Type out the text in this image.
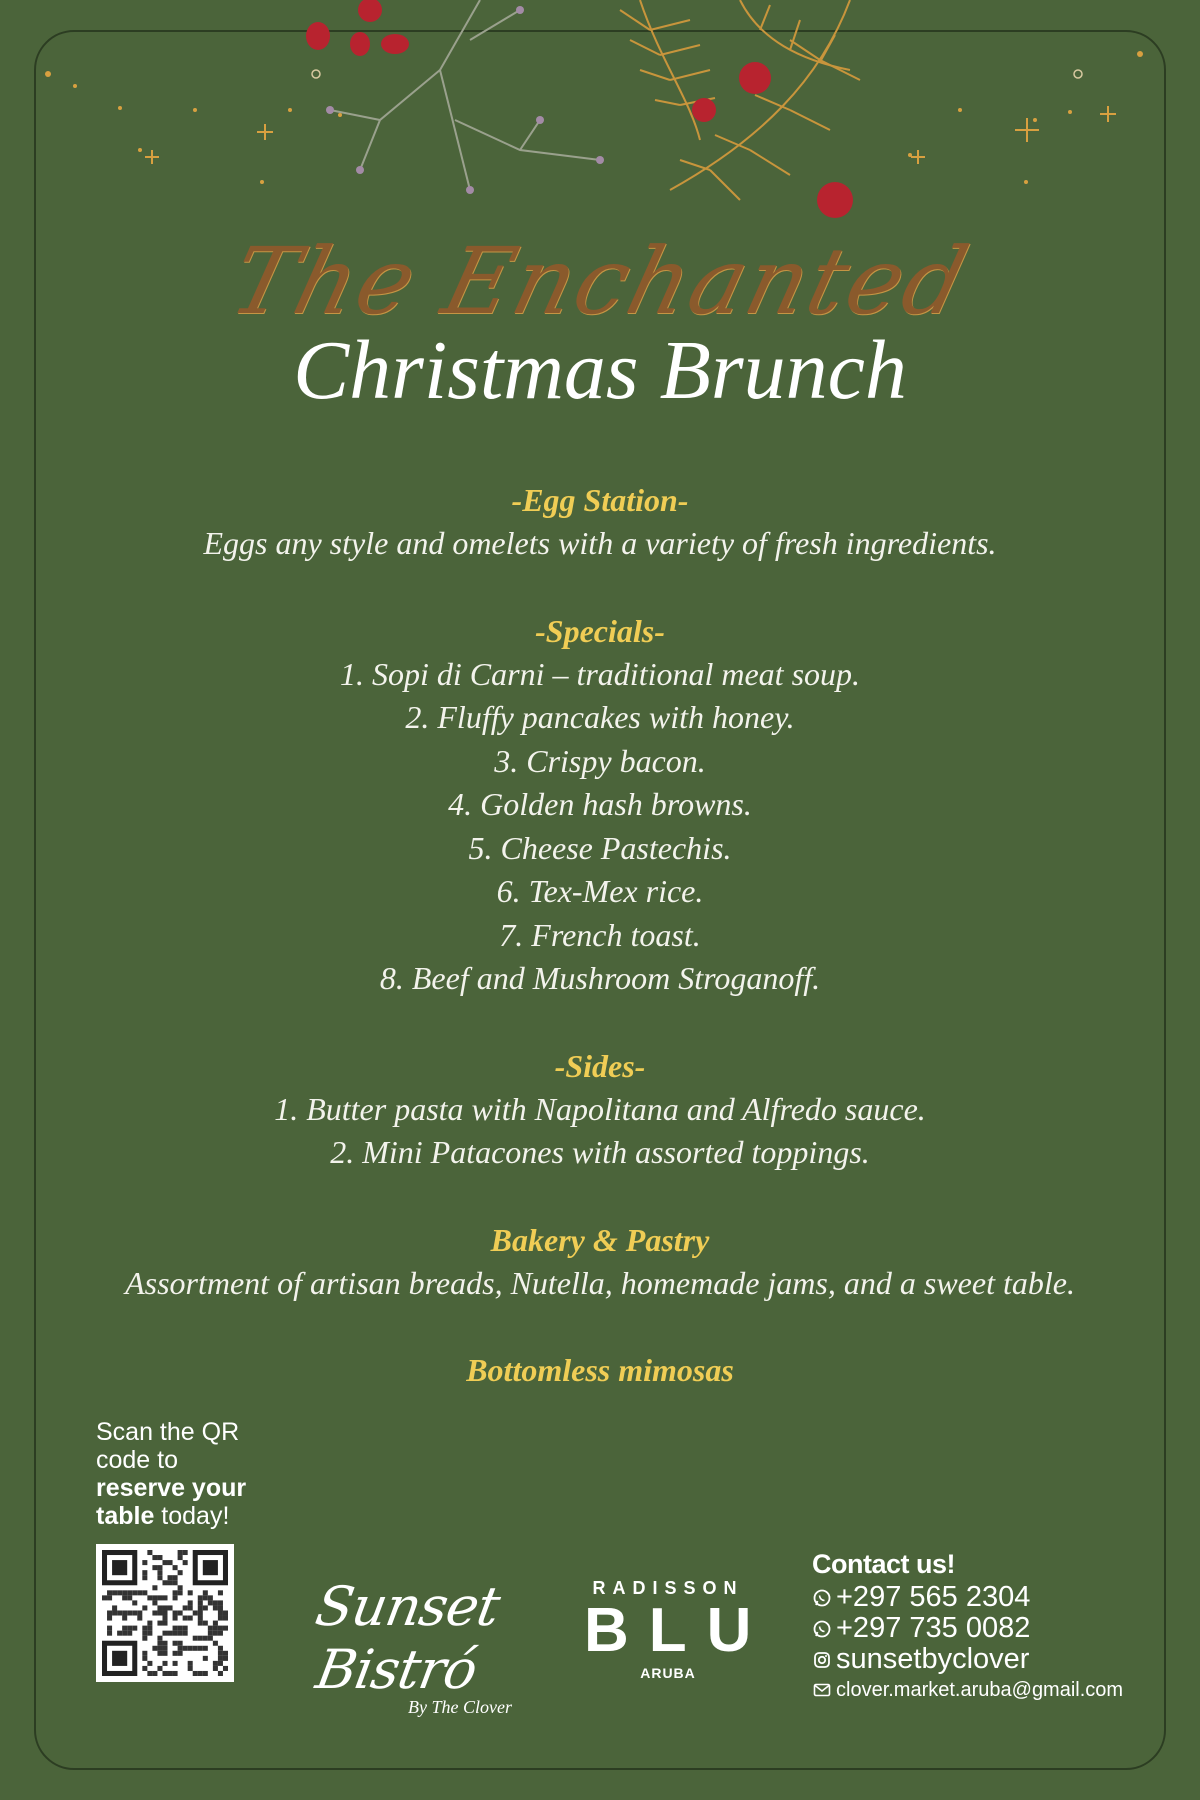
The Enchanted
Christmas Brunch
-Egg Station-
Eggs any style and omelets with a variety of fresh ingredients.
-Specials-
1. Sopi di Carni – traditional meat soup.
2. Fluffy pancakes with honey.
3. Crispy bacon.
4. Golden hash browns.
5. Cheese Pastechis.
6. Tex-Mex rice.
7. French toast.
8. Beef and Mushroom Stroganoff.
-Sides-
1. Butter pasta with Napolitana and Alfredo sauce.
2. Mini Patacones with assorted toppings.
Bakery & Pastry
Assortment of artisan breads, Nutella, homemade jams, and a sweet table.
Bottomless mimosas
Scan the QR
code to
reserve your
table today!
Sunset Bistró
By The Clover
RADISSON
BLU
ARUBA
Contact us!
+297 565 2304
+297 735 0082
sunsetbyclover
clover.market.aruba@gmail.com
